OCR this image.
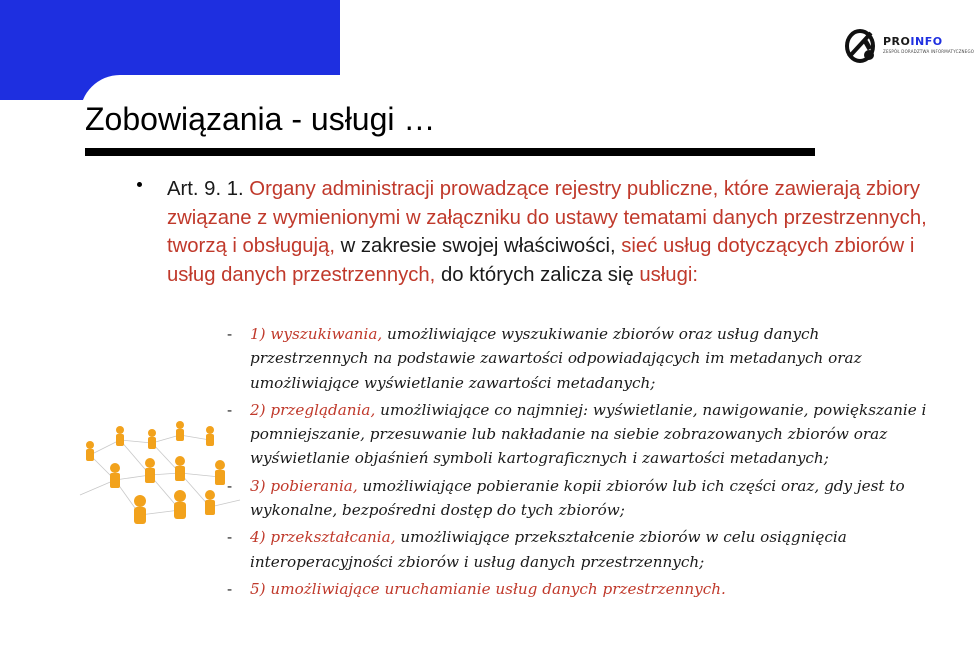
PROINFO
ZESPÓŁ DORADZTWA INFORMATYCZNEGO
Zobowiązania - usługi …
Art. 9. 1. Organy administracji prowadzące rejestry publiczne, które zawierają zbiory związane z wymienionymi w załączniku do ustawy tematami danych przestrzennych, tworzą i obsługują, w zakresie swojej właściwości, sieć usług dotyczących zbiorów i usług danych przestrzennych, do których zalicza się usługi:
-	1) wyszukiwania, umożliwiające wyszukiwanie zbiorów oraz usług danych przestrzennych na podstawie zawartości odpowiadających im metadanych oraz umożliwiające wyświetlanie zawartości metadanych;
-	2) przeglądania, umożliwiające co najmniej: wyświetlanie, nawigowanie, powiększanie i pomniejszanie, przesuwanie lub nakładanie na siebie zobrazowanych zbiorów oraz wyświetlanie objaśnień symboli kartograficznych i zawartości metadanych;
-	3) pobierania, umożliwiające pobieranie kopii zbiorów lub ich części oraz, gdy jest to wykonalne, bezpośredni dostęp do tych zbiorów;
-	4) przekształcania, umożliwiające przekształcenie zbiorów w celu osiągnięcia interoperacyjności zbiorów i usług danych przestrzennych;
-	5) umożliwiające uruchamianie usług danych przestrzennych.
